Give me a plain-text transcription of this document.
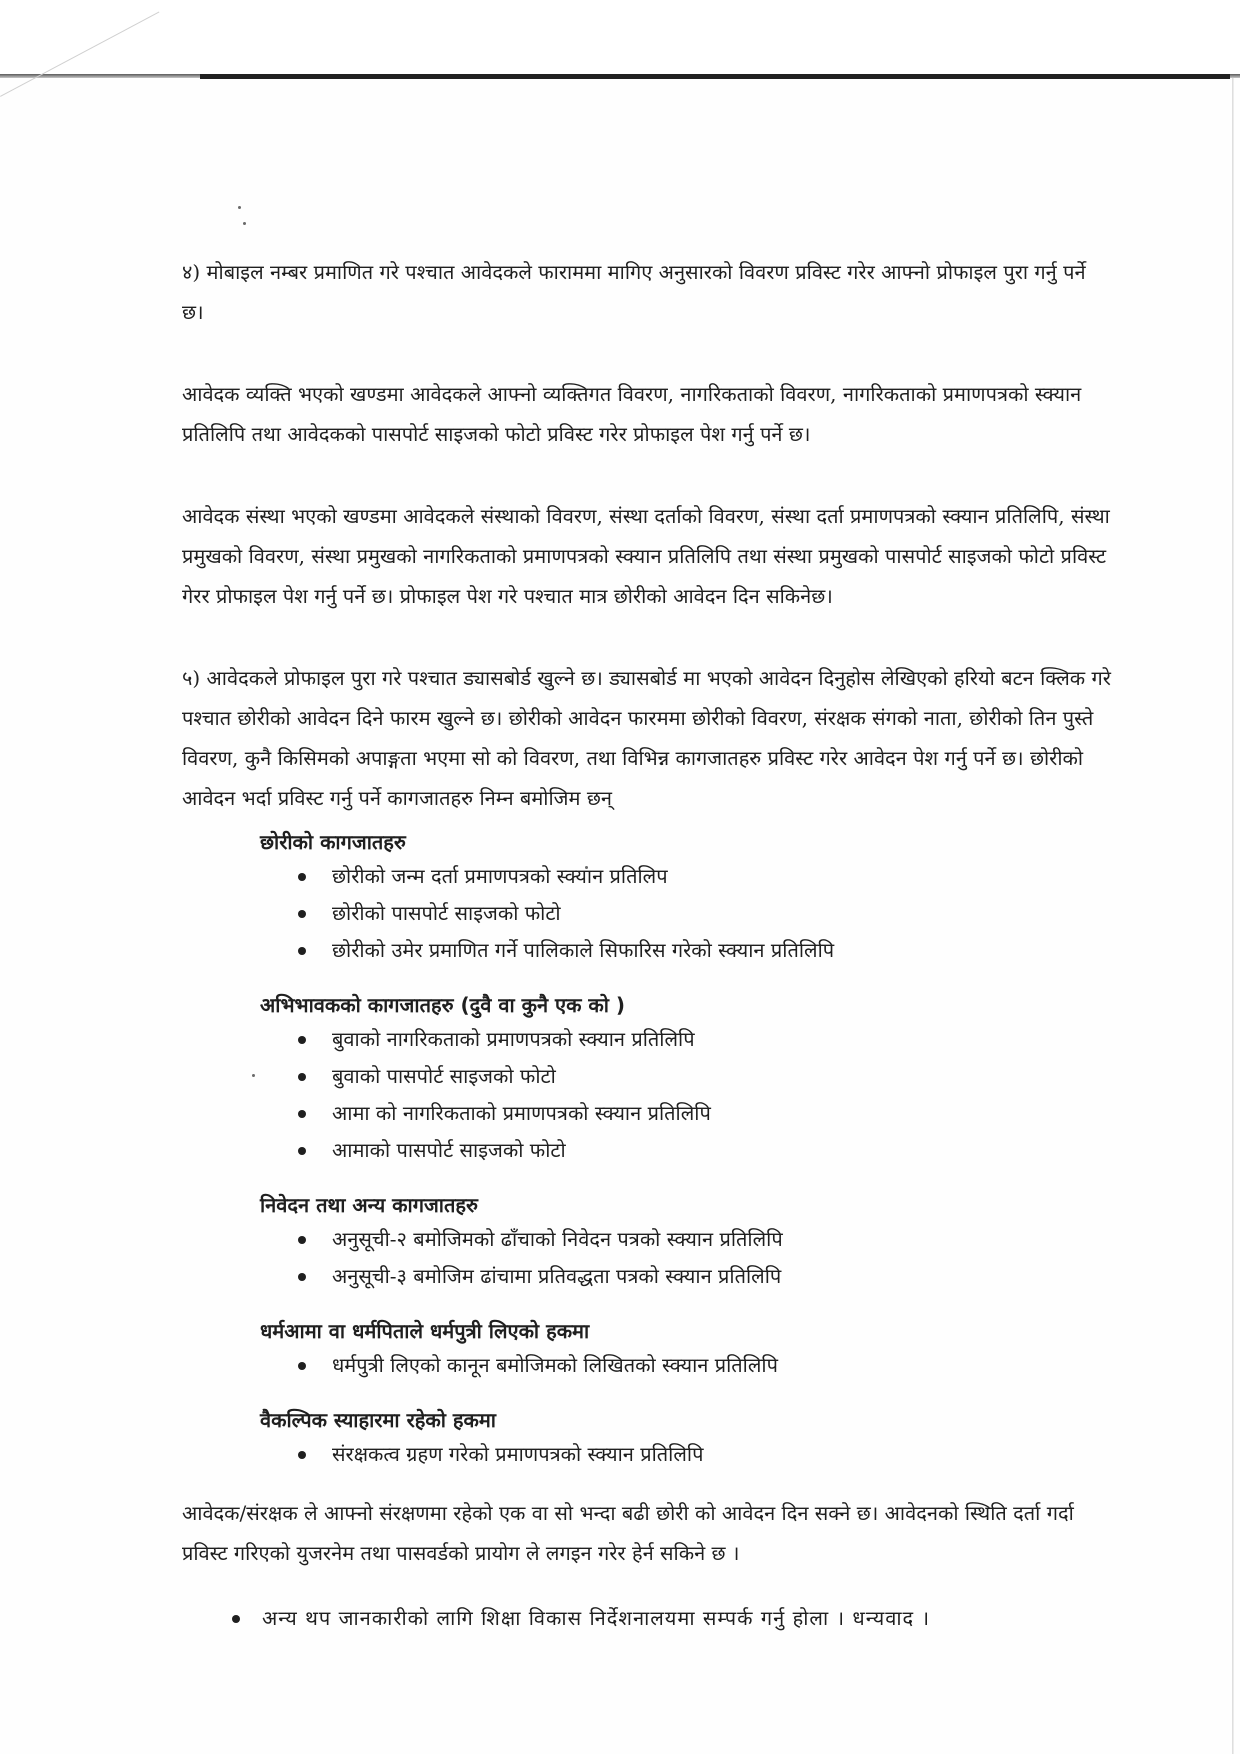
४) मोबाइल नम्बर प्रमाणित गरे पश्चात आवेदकले फाराममा मागिए अनुसारको विवरण प्रविस्ट गरेर आफ्नो प्रोफाइल पुरा गर्नु पर्ने छ।

आवेदक व्यक्ति भएको खण्डमा आवेदकले आफ्नो व्यक्तिगत विवरण, नागरिकताको विवरण, नागरिकताको प्रमाणपत्रको स्क्यान प्रतिलिपि तथा आवेदकको पासपोर्ट साइजको फोटो प्रविस्ट गरेर प्रोफाइल पेश गर्नु पर्ने छ।

आवेदक संस्था भएको खण्डमा आवेदकले संस्थाको विवरण, संस्था दर्ताको विवरण, संस्था दर्ता प्रमाणपत्रको स्क्यान प्रतिलिपि, संस्था प्रमुखको विवरण, संस्था प्रमुखको नागरिकताको प्रमाणपत्रको स्क्यान प्रतिलिपि तथा संस्था प्रमुखको पासपोर्ट साइजको फोटो प्रविस्ट गेरर प्रोफाइल पेश गर्नु पर्ने छ। प्रोफाइल पेश गरे पश्चात मात्र छोरीको आवेदन दिन सकिनेछ।

५) आवेदकले प्रोफाइल पुरा गरे पश्चात ड्यासबोर्ड खुल्ने छ। ड्यासबोर्ड मा भएको आवेदन दिनुहोस लेखिएको हरियो बटन क्लिक गरे पश्चात छोरीको आवेदन दिने फारम खुल्ने छ। छोरीको आवेदन फारममा छोरीको विवरण, संरक्षक संगको नाता, छोरीको तिन पुस्ते विवरण, कुनै किसिमको अपाङ्गता भएमा सो को विवरण, तथा विभिन्न कागजातहरु प्रविस्ट गरेर आवेदन पेश गर्नु पर्ने छ। छोरीको आवेदन भर्दा प्रविस्ट गर्नु पर्ने कागजातहरु निम्न बमोजिम छन्

छोरीको कागजातहरु
छोरीको जन्म दर्ता प्रमाणपत्रको स्क्यान प्रतिलिप
छोरीको पासपोर्ट साइजको फोटो
छोरीको उमेर प्रमाणित गर्ने पालिकाले सिफारिस गरेको स्क्यान प्रतिलिपि
अभिभावकको कागजातहरु (दुवै वा कुनै एक को )
बुवाको नागरिकताको प्रमाणपत्रको स्क्यान प्रतिलिपि
बुवाको पासपोर्ट साइजको फोटो
आमा को नागरिकताको प्रमाणपत्रको स्क्यान प्रतिलिपि
आमाको पासपोर्ट साइजको फोटो
निवेदन तथा अन्य कागजातहरु
अनुसूची-२ बमोजिमको ढाँचाको निवेदन पत्रको स्क्यान प्रतिलिपि
अनुसूची-३ बमोजिम ढांचामा प्रतिवद्धता पत्रको स्क्यान प्रतिलिपि
धर्मआमा वा धर्मपिताले धर्मपुत्री लिएको हकमा
धर्मपुत्री लिएको कानून बमोजिमको लिखितको स्क्यान प्रतिलिपि
वैकल्पिक स्याहारमा रहेको हकमा
संरक्षकत्व ग्रहण गरेको प्रमाणपत्रको स्क्यान प्रतिलिपि

आवेदक/संरक्षक ले आफ्नो संरक्षणमा रहेको एक वा सो भन्दा बढी छोरी को आवेदन दिन सक्ने छ। आवेदनको स्थिति दर्ता गर्दा प्रविस्ट गरिएको युजरनेम तथा पासवर्डको प्रायोग ले लगइन गरेर हेर्न सकिने छ ।

अन्य थप जानकारीको लागि शिक्षा विकास निर्देशनालयमा सम्पर्क गर्नु होला । धन्यवाद ।
